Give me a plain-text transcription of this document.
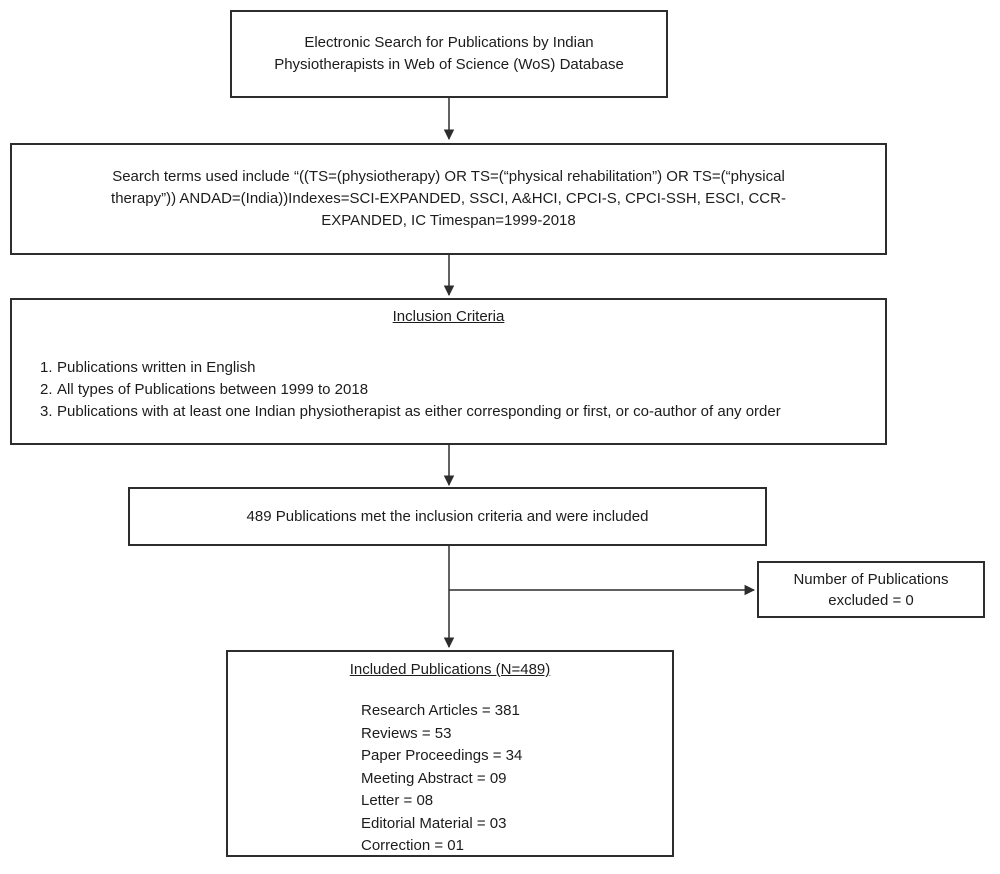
Electronic Search for Publications by Indian
Physiotherapists in Web of Science (WoS) Database
Search terms used include “((TS=(physiotherapy) OR TS=(“physical rehabilitation”) OR TS=(“physical
therapy”)) ANDAD=(India))Indexes=SCI-EXPANDED, SSCI, A&HCI, CPCI-S, CPCI-SSH, ESCI, CCR-
EXPANDED, IC Timespan=1999-2018
Inclusion Criteria
1. Publications written in English
2. All types of Publications between 1999 to 2018
3. Publications with at least one Indian physiotherapist as either corresponding or first, or co-author of any order
489 Publications met the inclusion criteria and were included
Number of Publications
excluded = 0
Included Publications (N=489)
Research Articles = 381
Reviews = 53
Paper Proceedings = 34
Meeting Abstract = 09
Letter = 08
Editorial Material = 03
Correction = 01
